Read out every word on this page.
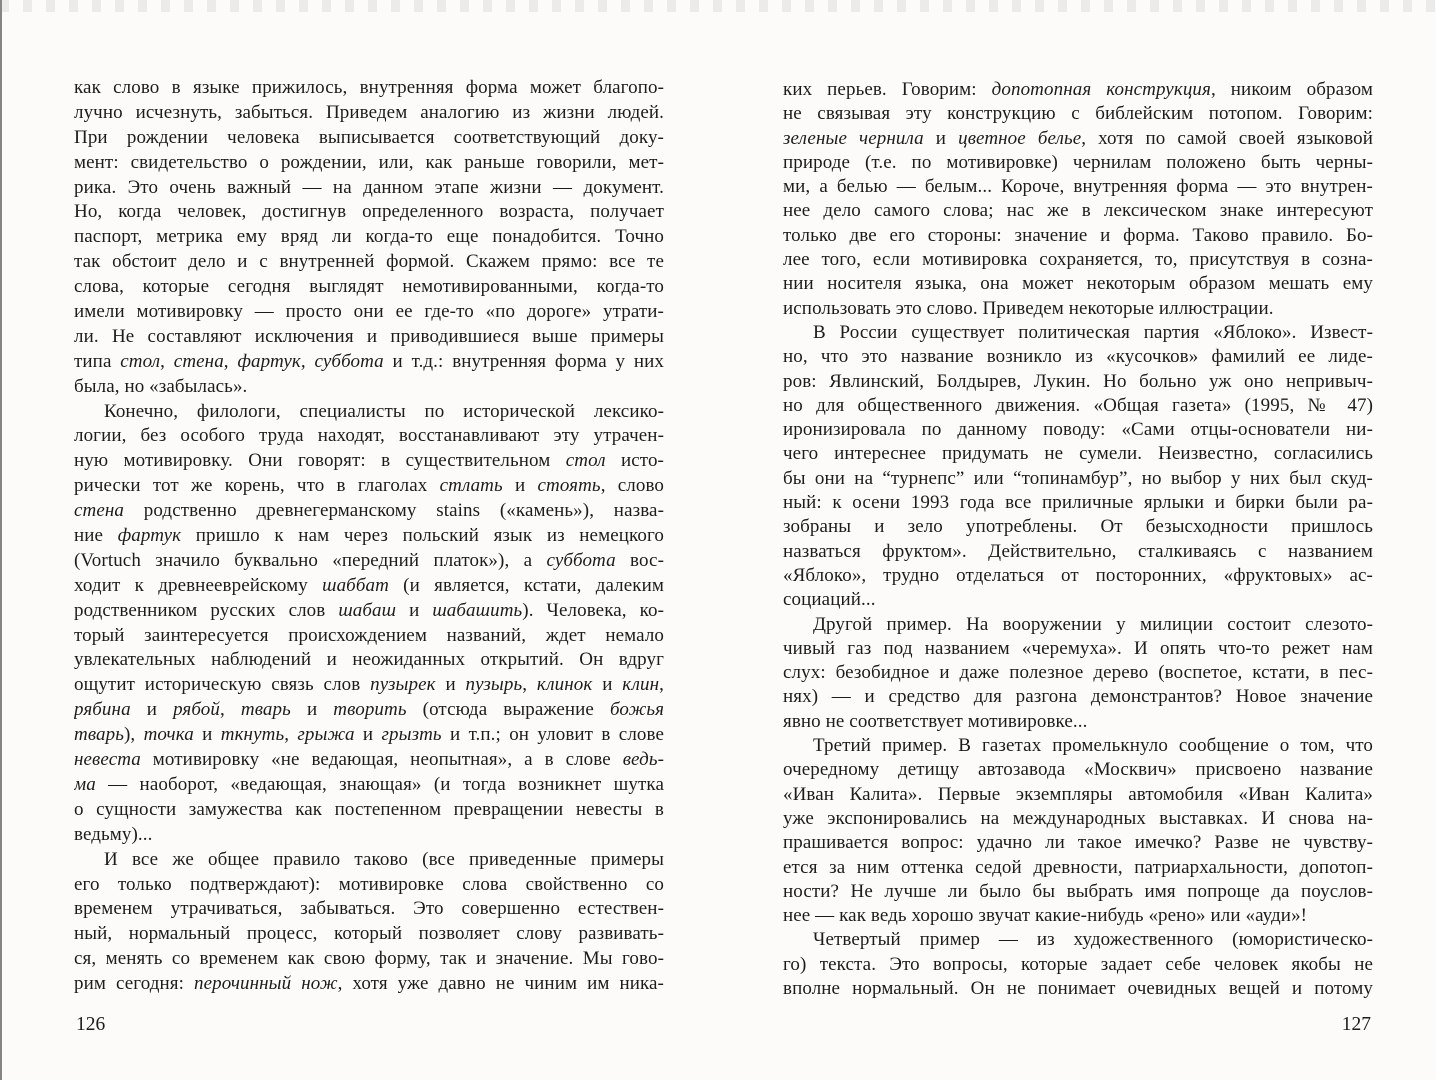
как слово в языке прижилось, внутренняя форма может благопо-
лучно исчезнуть, забыться. Приведем аналогию из жизни людей.
При рождении человека выписывается соответствующий доку-
мент: свидетельство о рождении, или, как раньше говорили, мет-
рика. Это очень важный — на данном этапе жизни — документ.
Но, когда человек, достигнув определенного возраста, получает
паспорт, метрика ему вряд ли когда-то еще понадобится. Точно
так обстоит дело и с внутренней формой. Скажем прямо: все те
слова, которые сегодня выглядят немотивированными, когда-то
имели мотивировку — просто они ее где-то «по дороге» утрати-
ли. Не составляют исключения и приводившиеся выше примеры
типа стол, стена, фартук, суббота и т.д.: внутренняя форма у них
была, но «забылась».
Конечно, филологи, специалисты по исторической лексико-
логии, без особого труда находят, восстанавливают эту утрачен-
ную мотивировку. Они говорят: в существительном стол исто-
рически тот же корень, что в глаголах стлать и стоять, слово
стена родственно древнегерманскому stains («камень»), назва-
ние фартук пришло к нам через польский язык из немецкого
(Vortuch значило буквально «передний платок»), а суббота вос-
ходит к древнееврейскому шаббат (и является, кстати, далеким
родственником русских слов шабаш и шабашить). Человека, ко-
торый заинтересуется происхождением названий, ждет немало
увлекательных наблюдений и неожиданных открытий. Он вдруг
ощутит историческую связь слов пузырек и пузырь, клинок и клин,
рябина и рябой, тварь и творить (отсюда выражение божья
тварь), точка и ткнуть, грыжа и грызть и т.п.; он уловит в слове
невеста мотивировку «не ведающая, неопытная», а в слове ведь-
ма — наоборот, «ведающая, знающая» (и тогда возникнет шутка
о сущности замужества как постепенном превращении невесты в
ведьму)...
И все же общее правило таково (все приведенные примеры
его только подтверждают): мотивировке слова свойственно со
временем утрачиваться, забываться. Это совершенно естествен-
ный, нормальный процесс, который позволяет слову развивать-
ся, менять со временем как свою форму, так и значение. Мы гово-
рим сегодня: перочинный нож, хотя уже давно не чиним им ника-
ких перьев. Говорим: допотопная конструкция, никоим образом
не связывая эту конструкцию с библейским потопом. Говорим:
зеленые чернила и цветное белье, хотя по самой своей языковой
природе (т.е. по мотивировке) чернилам положено быть черны-
ми, а белью — белым... Короче, внутренняя форма — это внутрен-
нее дело самого слова; нас же в лексическом знаке интересуют
только две его стороны: значение и форма. Таково правило. Бо-
лее того, если мотивировка сохраняется, то, присутствуя в созна-
нии носителя языка, она может некоторым образом мешать ему
использовать это слово. Приведем некоторые иллюстрации.
В России существует политическая партия «Яблоко». Извест-
но, что это название возникло из «кусочков» фамилий ее лиде-
ров: Явлинский, Болдырев, Лукин. Но больно уж оно непривыч-
но для общественного движения. «Общая газета» (1995, № 47)
иронизировала по данному поводу: «Сами отцы-основатели ни-
чего интереснее придумать не сумели. Неизвестно, согласились
бы они на “турнепс” или “топинамбур”, но выбор у них был скуд-
ный: к осени 1993 года все приличные ярлыки и бирки были ра-
зобраны и зело употреблены. От безысходности пришлось
назваться фруктом». Действительно, сталкиваясь с названием
«Яблоко», трудно отделаться от посторонних, «фруктовых» ас-
социаций...
Другой пример. На вооружении у милиции состоит слезото-
чивый газ под названием «черемуха». И опять что-то режет нам
слух: безобидное и даже полезное дерево (воспетое, кстати, в пес-
нях) — и средство для разгона демонстрантов? Новое значение
явно не соответствует мотивировке...
Третий пример. В газетах промелькнуло сообщение о том, что
очередному детищу автозавода «Москвич» присвоено название
«Иван Калита». Первые экземпляры автомобиля «Иван Калита»
уже экспонировались на международных выставках. И снова на-
прашивается вопрос: удачно ли такое имечко? Разве не чувству-
ется за ним оттенка седой древности, патриархальности, допотоп-
ности? Не лучше ли было бы выбрать имя попроще да поуслов-
нее — как ведь хорошо звучат какие-нибудь «рено» или «ауди»!
Четвертый пример — из художественного (юмористическо-
го) текста. Это вопросы, которые задает себе человек якобы не
вполне нормальный. Он не понимает очевидных вещей и потому
126	127
